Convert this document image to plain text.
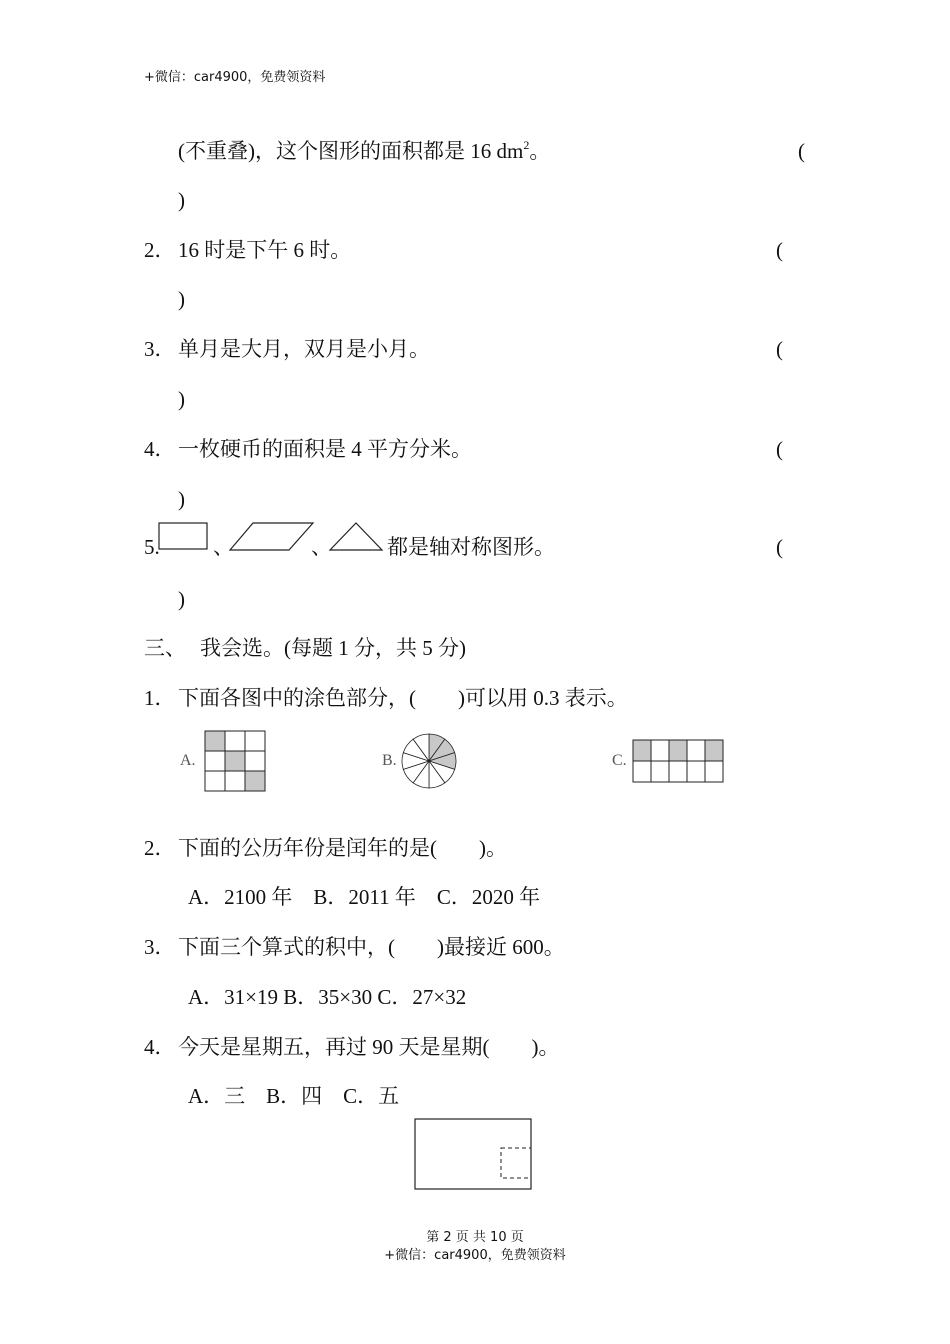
+微信：car4900，免费领资料
(不重叠)，这个图形的面积都是 16 $dm^2$。	(
)
2． 16 时是下午 6 时。	(
)
3． 单月是大月，双月是小月。	(
)
4． 一枚硬币的面积是 4 平方分米。	(
)
5.	、	、	都是轴对称图形。	(
)
三、 我会选。(每题 1 分，共 5 分)
1． 下面各图中的涂色部分，(　　)可以用 0.3 表示。
A.	B.	C.
2． 下面的公历年份是闰年的是(　　)。
A．2100 年　B．2011 年　C．2020 年
3． 下面三个算式的积中，(　　)最接近 600。
A．31×19 B．35×30 C．27×32
4． 今天是星期五，再过 90 天是星期(　　)。
A．三　B．四　C．五
第 2 页 共 10 页
+微信：car4900，免费领资料
